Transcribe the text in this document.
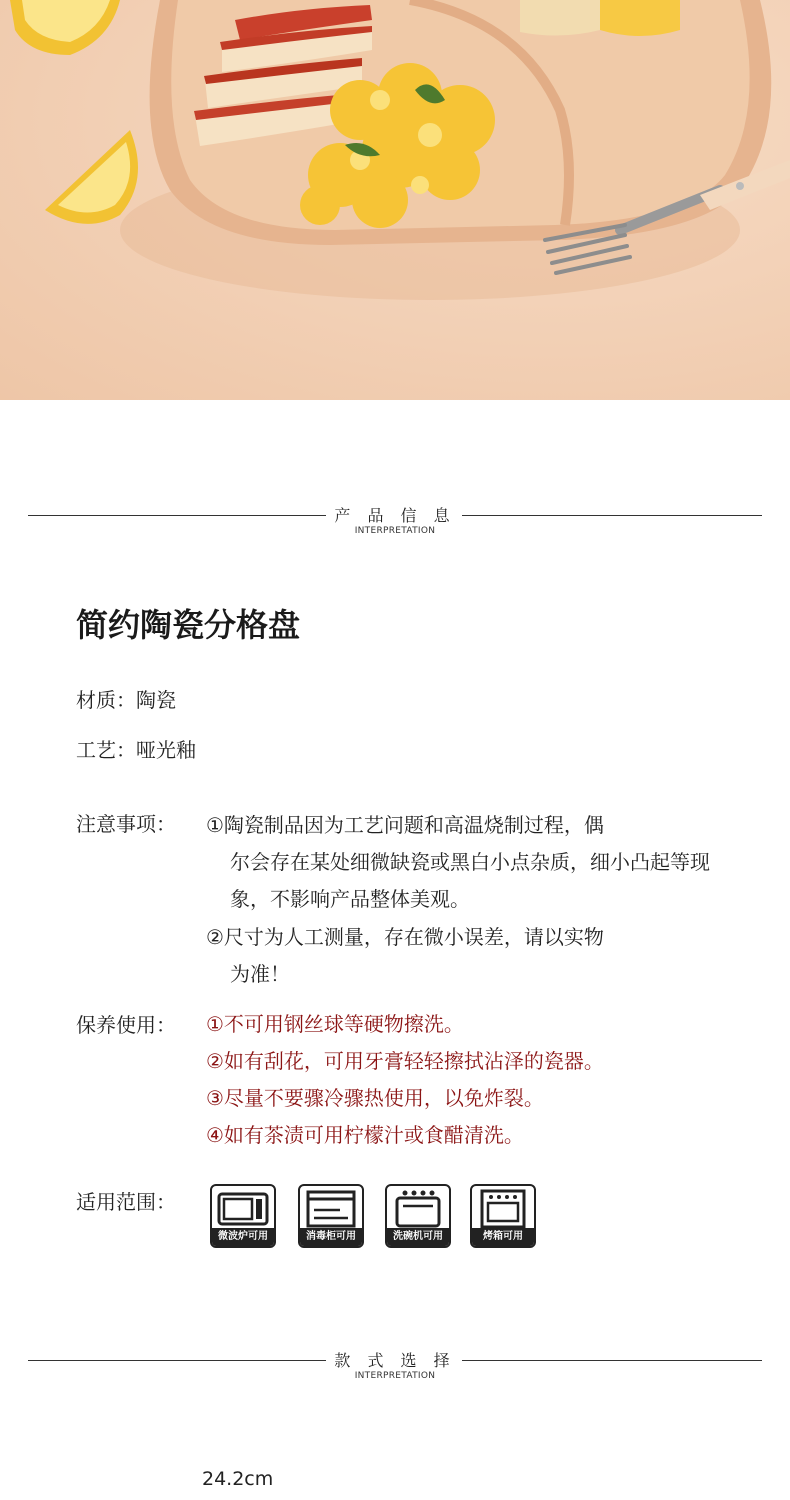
产 品 信 息
INTERPRETATION
简约陶瓷分格盘
材质：陶瓷
工艺：哑光釉
注意事项： ①陶瓷制品因为工艺问题和高温烧制过程，偶
尔会存在某处细微缺瓷或黑白小点杂质，细小凸起等现象，不影响产品整体美观。
②尺寸为人工测量，存在微小误差，请以实物
为准！
保养使用： ①不可用钢丝球等硬物擦洗。
②如有刮花，可用牙膏轻轻擦拭沾泽的瓷器。
③尽量不要骤冷骤热使用，以免炸裂。
④如有茶渍可用柠檬汁或食醋清洗。
适用范围：
微波炉可用	消毒柜可用	洗碗机可用	烤箱可用
款 式 选 择
INTERPRETATION
24.2cm
